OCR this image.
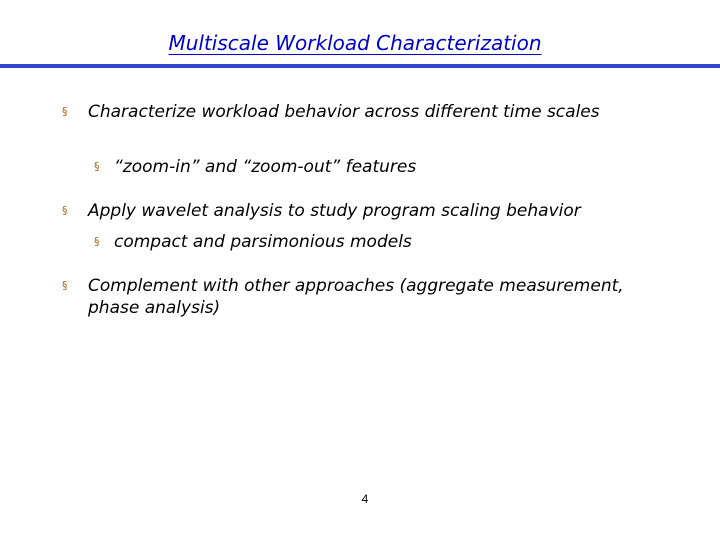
Multiscale Workload Characterization
§	Characterize workload behavior across different time scales
§ “zoom-in” and “zoom-out” features
§	Apply wavelet analysis to study program scaling behavior
§ compact and parsimonious models
§	Complement with other approaches (aggregate measurement, phase analysis)
4
